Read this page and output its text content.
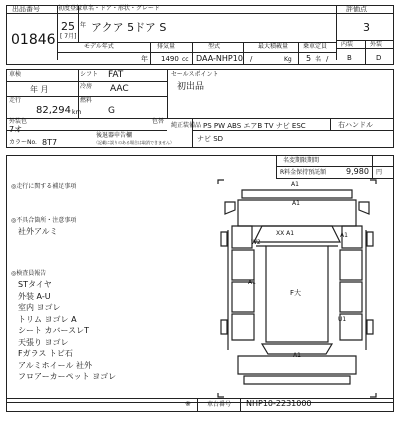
出品番号
01846
初度登録
25 年
[ 7月]
車名・ドア・形状・グレード
アクア 5ドア S
評価点
3
内装	外装
B	D
モデル年式	排気量	型式	最大積載量 乗車定員
年 1490 cc DAA-NHP10 /	Kg 5 名 /
車検
年 月
シフト FAT
冷房 AAC
燃料
G
走行
82,294 km
セールスポイント
初出品
外装色
7オ
色替
カラーNo. 8T7
純正装備品 PS PW ABS エアB TV ナビ ESC	右ハンドル
後退器申告欄
（記載に誤りのある場合は取消できません）	ナビ SD
名変期限期間
R料金保持預託額 9,980 円
◎走行に関する補足事項
◎不具合箇所・注意事項
社外アルミ
◎検査員報告
STタイヤ
外装 A-U
室内 ヨゴレ
トリム ヨゴレ A
シート カバースレT
天張り ヨゴレ
Fガラス トビ石
アルミホイール 社外
フロアーカーペット ヨゴレ
A1
XX A1
A1
W2
A1
A1
F大
U1
A1
※	車台番号 NHP10-2231000
